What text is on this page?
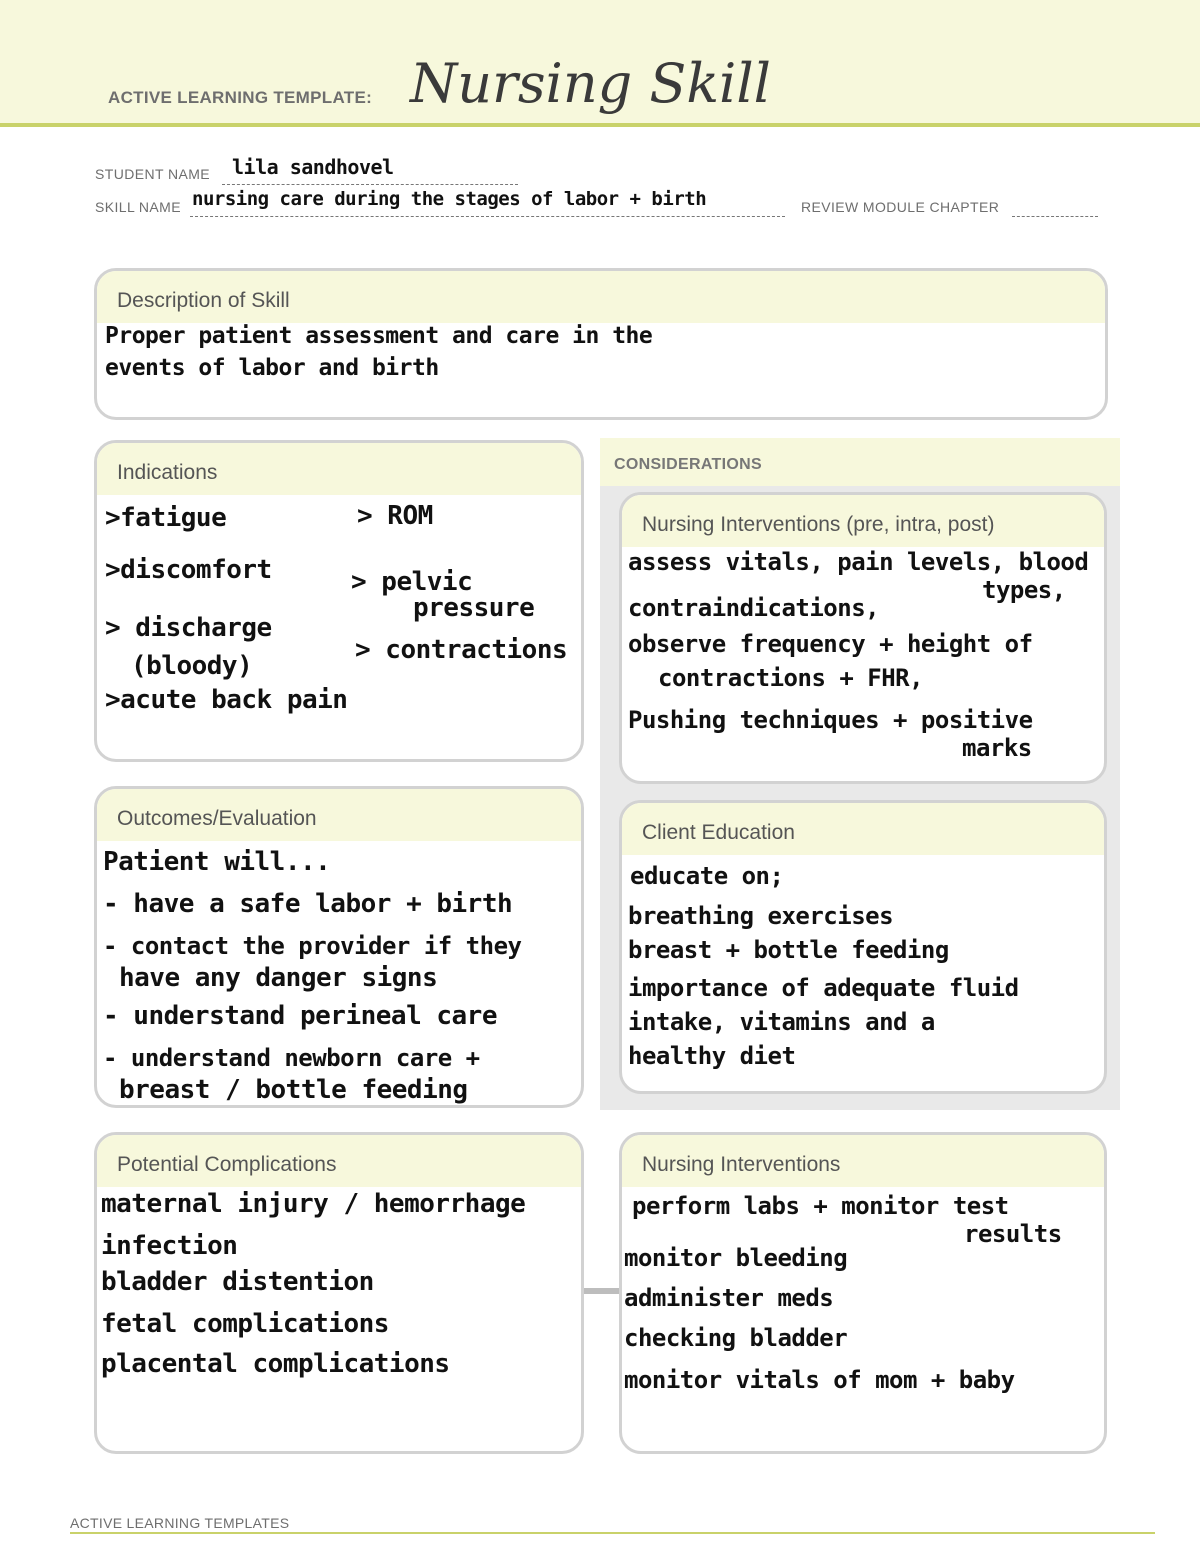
ACTIVE LEARNING TEMPLATE: Nursing Skill
STUDENT NAME lila sandhovel
SKILL NAME nursing care during the stages of labor + birth	REVIEW MODULE CHAPTER
Description of Skill
Proper patient assessment and care in the
events of labor and birth
Indications
>fatigue
>discomfort
> discharge
(bloody)
>acute back pain
> ROM
> pelvic
pressure
> contractions
Outcomes/Evaluation
Patient will...
- have a safe labor + birth
- contact the provider if they
have any danger signs
- understand perineal care
- understand newborn care +
breast / bottle feeding
CONSIDERATIONS
Nursing Interventions (pre, intra, post)
assess vitals, pain levels, blood
types,
contraindications,
observe frequency + height of
contractions + FHR,
Pushing techniques + positive
marks
Client Education
educate on;
breathing exercises
breast + bottle feeding
importance of adequate fluid
intake, vitamins and a
healthy diet
Potential Complications
maternal injury / hemorrhage
infection
bladder distention
fetal complications
placental complications
Nursing Interventions
perform labs + monitor test
results
monitor bleeding
administer meds
checking bladder
monitor vitals of mom + baby
ACTIVE LEARNING TEMPLATES
